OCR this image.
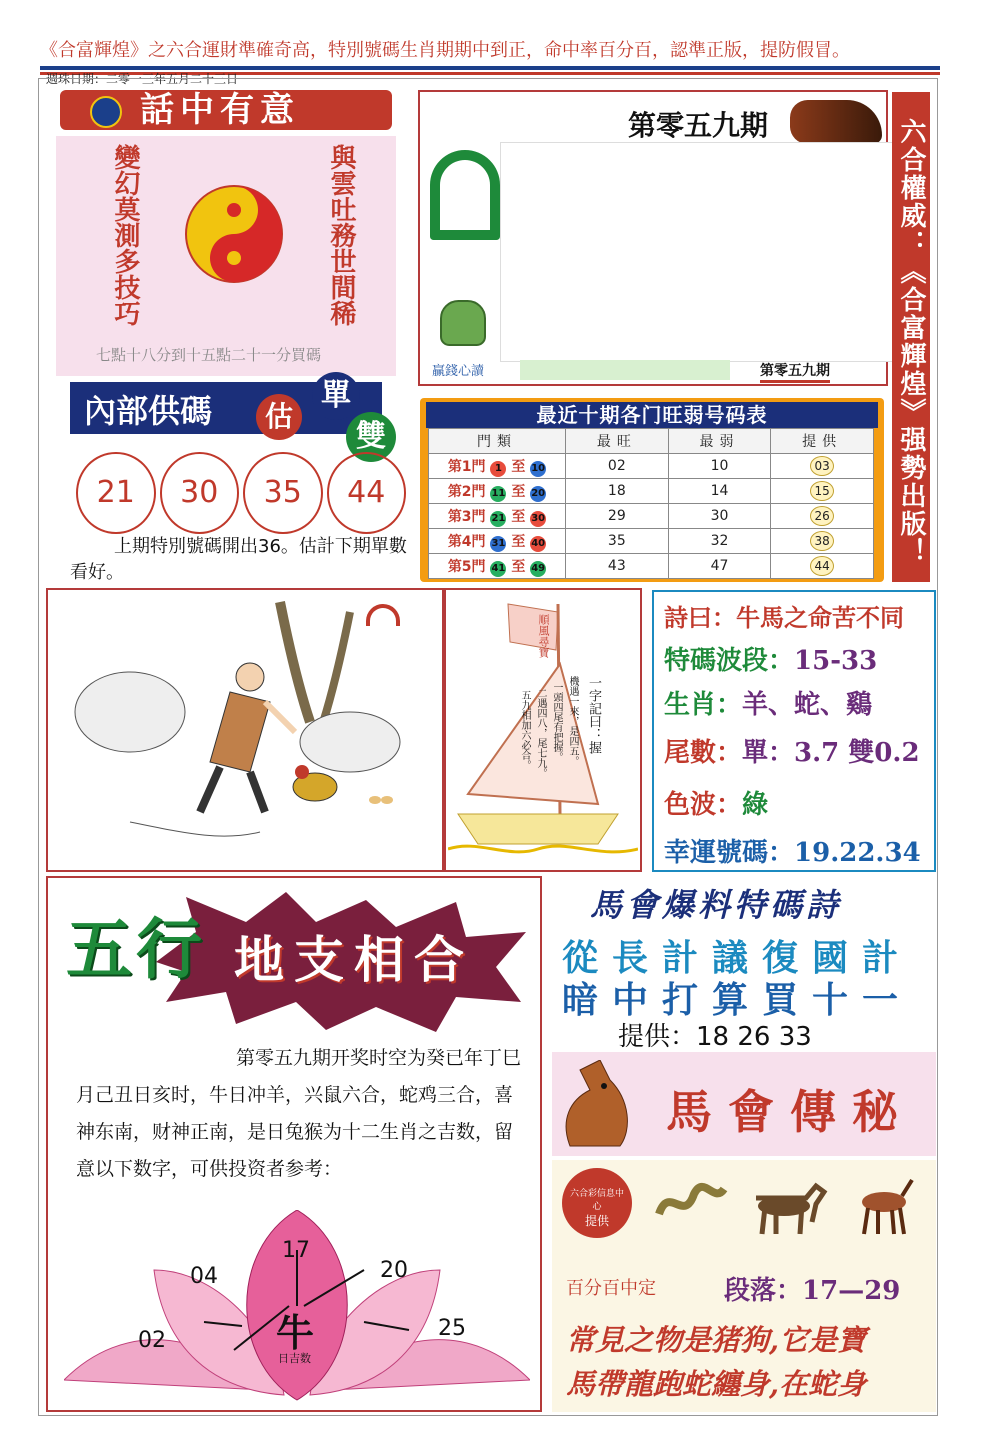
《合富輝煌》之六合運財準確奇高，特別號碼生肖期期中到正，命中率百分百，認準正版，提防假冒。
週珠日期：二零一三年五月二十三日
話中有意
變幻莫測多技巧	與雲吐務世間稀
七點十八分到十五點二十一分買碼
第零五九期
贏錢心讀	第零五九期	六合權威：《合富輝煌》强勢出版！
內部供碼	估
單
雙
21	30	35	44
上期特別號碼開出36。估計下期單數看好。
最近十期各门旺弱号码表
門類	最旺	最弱	提供
第1門 1 至 10	02	10	03
第2門 11 至 20	18	14	15
第3門 21 至 30	29	30	26
第4門 31 至 40	35	32	38
第5門 41 至 49	43	47	44
順風尋寶
一字記曰：握
機遇一來，是四五。
一頭四尾有把握。
二遇四八，尾七九。
五九相加六必合。
詩曰：牛馬之命苦不同
特碼波段：15-33
生肖：羊、蛇、鷄
尾數：單：3.7 雙0.2
色波：綠
幸運號碼：19.22.34
五行 地支相合
第零五九期开奖时空为癸已年丁巳月己丑日亥时，牛日冲羊，兴鼠六合，蛇鸡三合，喜神东南，财神正南，是日兔猴为十二生肖之吉数，留意以下数字，可供投资者参考：
17
04	20
02	25
牛
日吉数
馬會爆料特碼詩
從長計議復國計
暗中打算買十一
提供：18 26 33
馬會傳秘
六合彩信息中心
提供
百分百中定	段落：17—29
常見之物是猪狗,它是寶
馬帶龍跑蛇纏身,在蛇身
